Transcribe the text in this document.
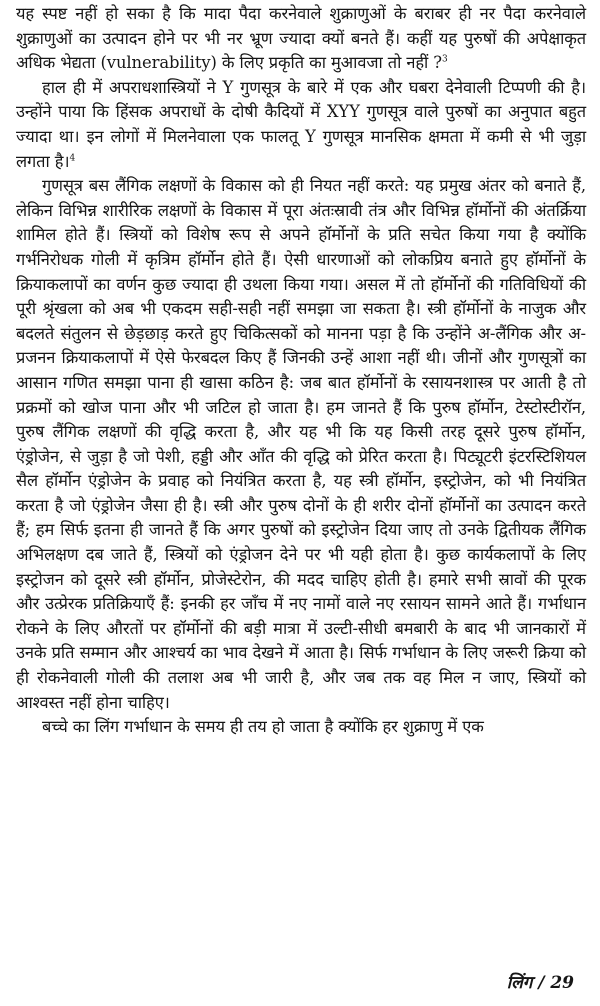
यह स्पष्ट नहीं हो सका है कि मादा पैदा करनेवाले शुक्राणुओं के बराबर ही नर पैदा करनेवाले शुक्राणुओं का उत्पादन होने पर भी नर भ्रूण ज्यादा क्यों बनते हैं। कहीं यह पुरुषों की अपेक्षाकृत अधिक भेद्यता (vulnerability) के लिए प्रकृति का मुआवजा तो नहीं ?$^3$

हाल ही में अपराधशास्त्रियों ने Y गुणसूत्र के बारे में एक और घबरा देनेवाली टिप्पणी की है। उन्होंने पाया कि हिंसक अपराधों के दोषी कैदियों में XYY गुणसूत्र वाले पुरुषों का अनुपात बहुत ज्यादा था। इन लोगों में मिलनेवाला एक फालतू Y गुणसूत्र मानसिक क्षमता में कमी से भी जुड़ा लगता है।$^4$

गुणसूत्र बस लैंगिक लक्षणों के विकास को ही नियत नहीं करते: यह प्रमुख अंतर को बनाते हैं, लेकिन विभिन्न शारीरिक लक्षणों के विकास में पूरा अंतःस्रावी तंत्र और विभिन्न हॉर्मोनों की अंतर्क्रिया शामिल होते हैं। स्त्रियों को विशेष रूप से अपने हॉर्मोनों के प्रति सचेत किया गया है क्योंकि गर्भनिरोधक गोली में कृत्रिम हॉर्मोन होते हैं। ऐसी धारणाओं को लोकप्रिय बनाते हुए हॉर्मोनों के क्रियाकलापों का वर्णन कुछ ज्यादा ही उथला किया गया। असल में तो हॉर्मोनों की गतिविधियों की पूरी श्रृंखला को अब भी एकदम सही-सही नहीं समझा जा सकता है। स्त्री हॉर्मोनों के नाजुक और बदलते संतुलन से छेड़छाड़ करते हुए चिकित्सकों को मानना पड़ा है कि उन्होंने अ-लैंगिक और अ-प्रजनन क्रियाकलापों में ऐसे फेरबदल किए हैं जिनकी उन्हें आशा नहीं थी। जीनों और गुणसूत्रों का आसान गणित समझा पाना ही खासा कठिन है: जब बात हॉर्मोनों के रसायनशास्त्र पर आती है तो प्रक्रमों को खोज पाना और भी जटिल हो जाता है। हम जानते हैं कि पुरुष हॉर्मोन, टेस्टोस्टीरॉन, पुरुष लैंगिक लक्षणों की वृद्धि करता है, और यह भी कि यह किसी तरह दूसरे पुरुष हॉर्मोन, एंड्रोजेन, से जुड़ा है जो पेशी, हड्डी और आँत की वृद्धि को प्रेरित करता है। पिट्यूटरी इंटरस्टिशियल सैल हॉर्मोन एंड्रोजेन के प्रवाह को नियंत्रित करता है, यह स्त्री हॉर्मोन, इस्ट्रोजेन, को भी नियंत्रित करता है जो एंड्रोजेन जैसा ही है। स्त्री और पुरुष दोनों के ही शरीर दोनों हॉर्मोनों का उत्पादन करते हैं; हम सिर्फ इतना ही जानते हैं कि अगर पुरुषों को इस्ट्रोजेन दिया जाए तो उनके द्वितीयक लैंगिक अभिलक्षण दब जाते हैं, स्त्रियों को एंड्रोजन देने पर भी यही होता है। कुछ कार्यकलापों के लिए इस्ट्रोजन को दूसरे स्त्री हॉर्मोन, प्रोजेस्टेरोन, की मदद चाहिए होती है। हमारे सभी स्रावों की पूरक और उत्प्रेरक प्रतिक्रियाएँ हैं: इनकी हर जाँच में नए नामों वाले नए रसायन सामने आते हैं। गर्भाधान रोकने के लिए औरतों पर हॉर्मोनों की बड़ी मात्रा में उल्टी-सीधी बमबारी के बाद भी जानकारों में उनके प्रति सम्मान और आश्चर्य का भाव देखने में आता है। सिर्फ गर्भाधान के लिए जरूरी क्रिया को ही रोकनेवाली गोली की तलाश अब भी जारी है, और जब तक वह मिल न जाए, स्त्रियों को आश्वस्त नहीं होना चाहिए।

बच्चे का लिंग गर्भाधान के समय ही तय हो जाता है क्योंकि हर शुक्राणु में एक

लिंग / 29
